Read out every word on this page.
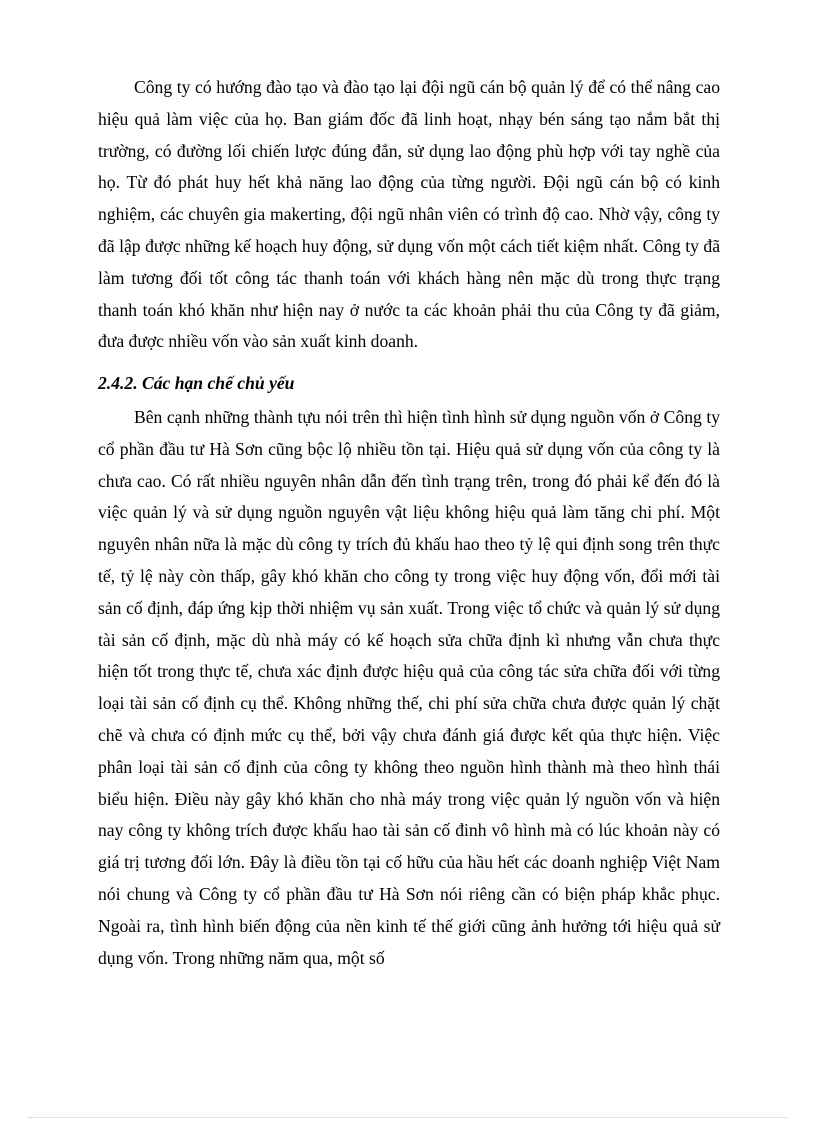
Công ty có hướng đào tạo và đào tạo lại đội ngũ cán bộ quản lý để có thể nâng cao hiệu quả làm việc của họ. Ban giám đốc đã linh hoạt, nhạy bén sáng tạo nắm bắt thị trường, có đường lối chiến lược đúng đắn, sử dụng lao động phù hợp với tay nghề của họ. Từ đó phát huy hết khả năng lao động của từng người. Đội ngũ cán bộ có kinh nghiệm, các chuyên gia makerting, đội ngũ nhân viên có trình độ cao. Nhờ vậy, công ty đã lập được những kế hoạch huy động, sử dụng vốn một cách tiết kiệm nhất. Công ty đã làm tương đối tốt công tác thanh toán với khách hàng nên mặc dù trong thực trạng thanh toán khó khăn như hiện nay ở nước ta các khoản phải thu của Công ty đã giảm, đưa được nhiều vốn vào sản xuất kinh doanh.

2.4.2. Các hạn chế chủ yếu

Bên cạnh những thành tựu nói trên thì hiện tình hình sử dụng nguồn vốn ở Công ty cổ phần đầu tư Hà Sơn cũng bộc lộ nhiều tồn tại. Hiệu quả sử dụng vốn của công ty là chưa cao. Có rất nhiều nguyên nhân dẫn đến tình trạng trên, trong đó phải kể đến đó là việc quản lý và sử dụng nguồn nguyên vật liệu không hiệu quả làm tăng chi phí. Một nguyên nhân nữa là mặc dù công ty trích đủ khấu hao theo tỷ lệ qui định song trên thực tế, tỷ lệ này còn thấp, gây khó khăn cho công ty trong việc huy động vốn, đổi mới tài sản cố định, đáp ứng kịp thời nhiệm vụ sản xuất. Trong việc tổ chức và quản lý sử dụng tài sản cố định, mặc dù nhà máy có kế hoạch sửa chữa định kì nhưng vẫn chưa thực hiện tốt trong thực tế, chưa xác định được hiệu quả của công tác sửa chữa đối với từng loại tài sản cố định cụ thể. Không những thế, chi phí sửa chữa chưa được quản lý chặt chẽ và chưa có định mức cụ thể, bởi vậy chưa đánh giá được kết qủa thực hiện. Việc phân loại tài sản cố định của công ty không theo nguồn hình thành mà theo hình thái biểu hiện. Điều này gây khó khăn cho nhà máy trong việc quản lý nguồn vốn và hiện nay công ty không trích được khấu hao tài sản cố đinh vô hình mà có lúc khoản này có giá trị tương đối lớn. Đây là điều tồn tại cố hữu của hầu hết các doanh nghiệp Việt Nam nói chung và Công ty cổ phần đầu tư Hà Sơn nói riêng cần có biện pháp khắc phục. Ngoài ra, tình hình biến động của nền kinh tế thế giới cũng ảnh hưởng tới hiệu quả sử dụng vốn. Trong những năm qua, một số
